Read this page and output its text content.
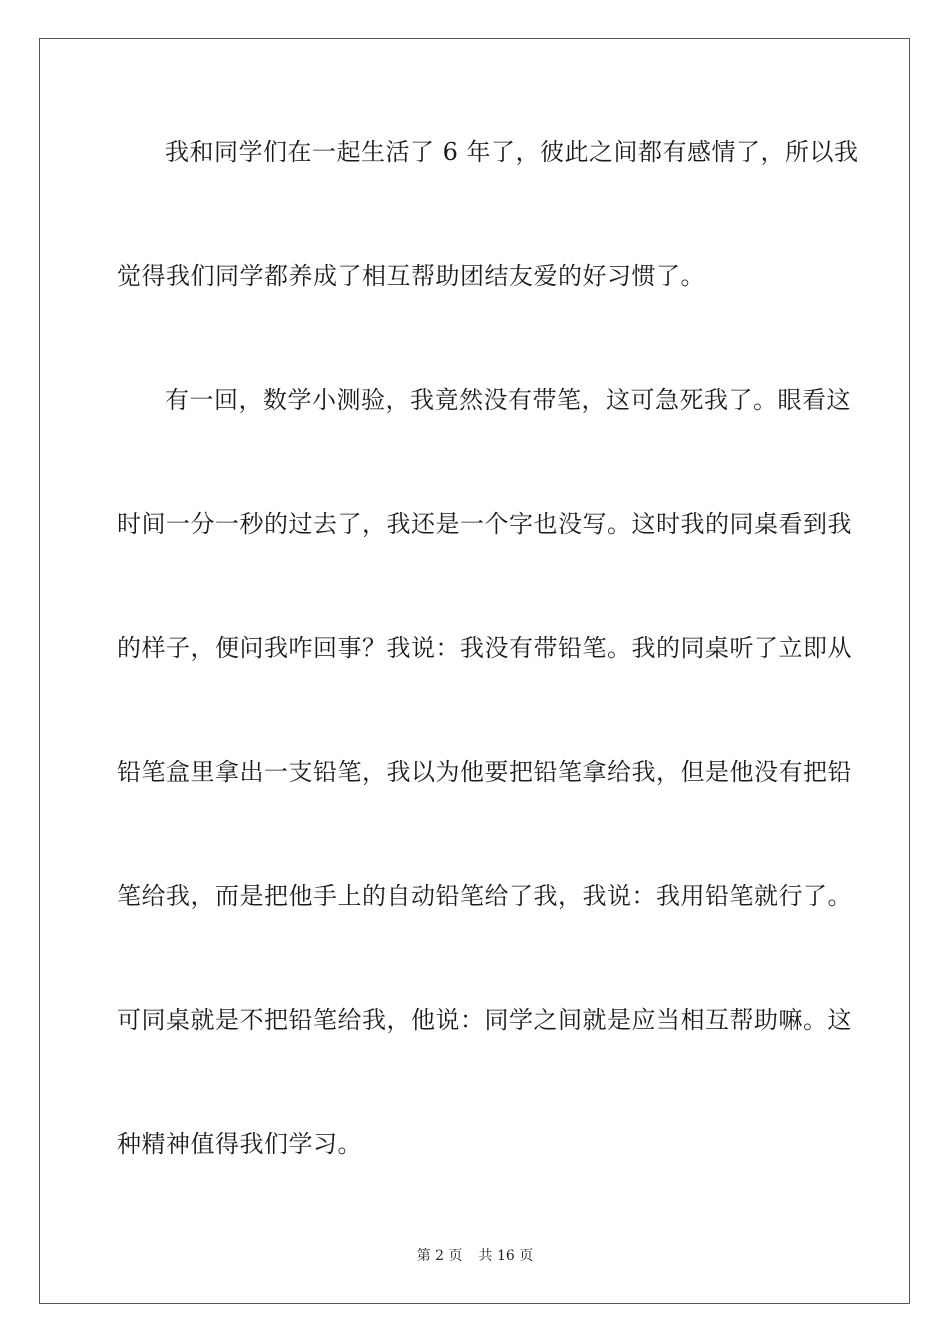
我和同学们在一起生活了 6 年了，彼此之间都有感情了，所以我
觉得我们同学都养成了相互帮助团结友爱的好习惯了。
有一回，数学小测验，我竟然没有带笔，这可急死我了。眼看这
时间一分一秒的过去了，我还是一个字也没写。这时我的同桌看到我
的样子，便问我咋回事？我说：我没有带铅笔。我的同桌听了立即从
铅笔盒里拿出一支铅笔，我以为他要把铅笔拿给我，但是他没有把铅
笔给我，而是把他手上的自动铅笔给了我，我说：我用铅笔就行了。
可同桌就是不把铅笔给我，他说：同学之间就是应当相互帮助嘛。这
种精神值得我们学习。
第 2 页 共 16 页
